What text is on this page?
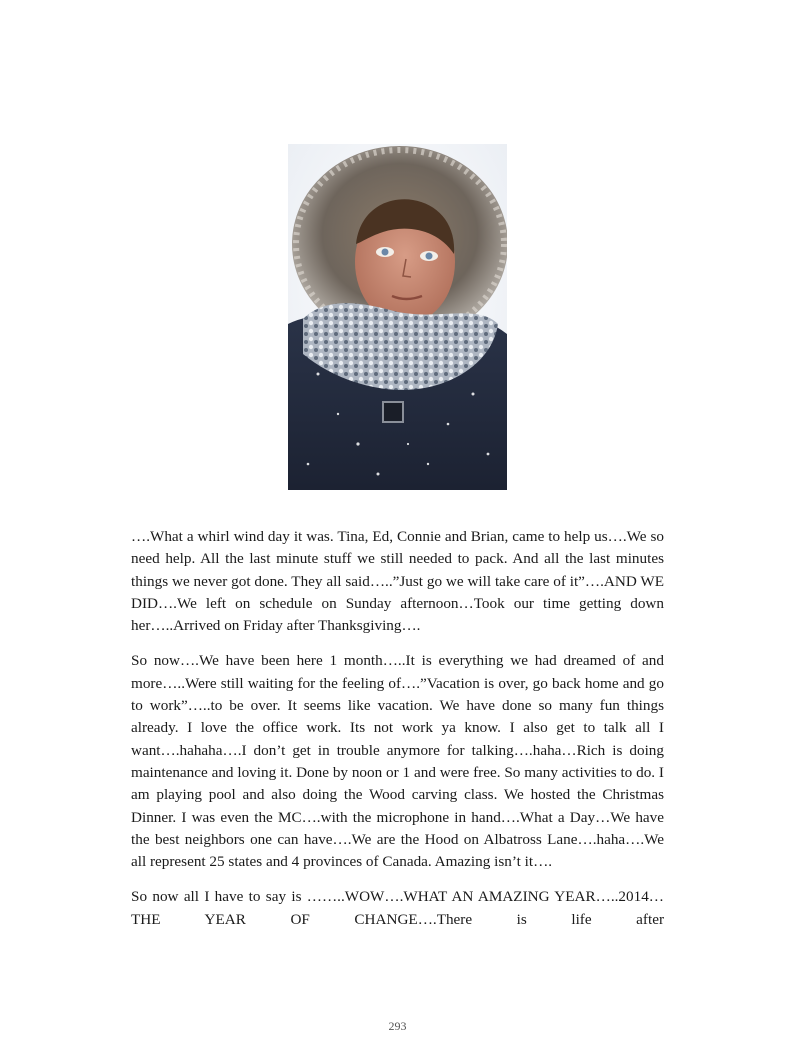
….What a whirl wind day it was. Tina, Ed, Connie and Brian, came to help us….We so need help. All the last minute stuff we still needed to pack. And all the last minutes things we never got done. They all said…..”Just go we will take care of it”….AND WE DID….We left on schedule on Sunday afternoon…Took our time getting down her…..Arrived on Friday after Thanksgiving….

So now….We have been here 1 month…..It is everything we had dreamed of and more…..Were still waiting for the feeling of….”Vacation is over, go back home and go to work”…..to be over. It seems like vacation. We have done so many fun things already. I love the office work. Its not work ya know. I also get to talk all I want….hahaha….I don’t get in trouble anymore for talking….haha…Rich is doing maintenance and loving it. Done by noon or 1 and were free. So many activities to do. I am playing pool and also doing the Wood carving class. We hosted the Christmas Dinner. I was even the MC….with the microphone in hand….What a Day…We have the best neighbors one can have….We are the Hood on Albatross Lane….haha….We all represent 25 states and 4 provinces of Canada. Amazing isn’t it….

So now all I have to say is ……..WOW….WHAT AN AMAZING YEAR…..2014…THE YEAR OF CHANGE….There is life after

293
